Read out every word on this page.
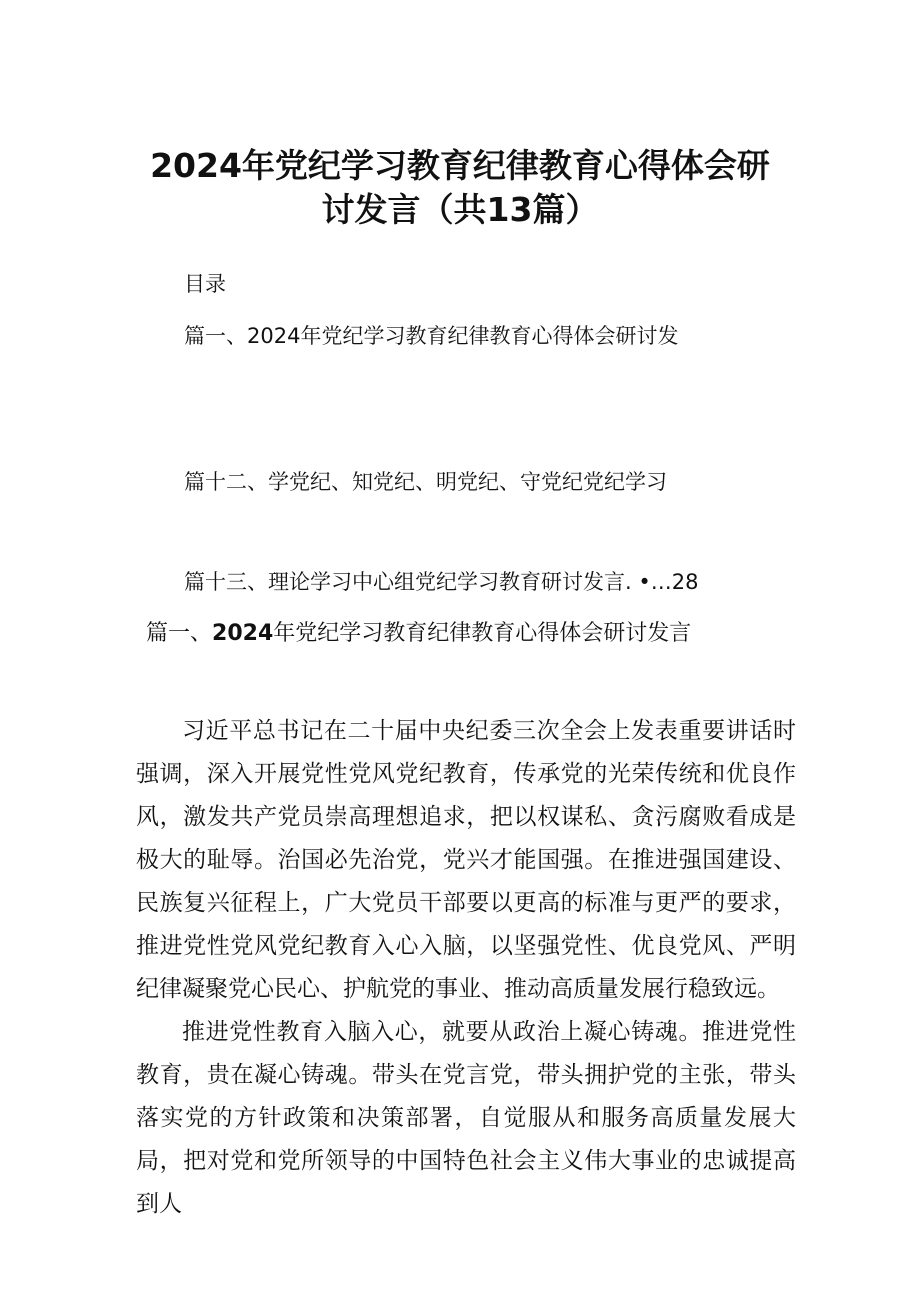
2024年党纪学习教育纪律教育心得体会研
讨发言（共13篇）
目录
篇一、2024年党纪学习教育纪律教育心得体会研讨发
篇十二、学党纪、知党纪、明党纪、守党纪党纪学习
篇十三、理论学习中心组党纪学习教育研讨发言. •…28
篇一、2024年党纪学习教育纪律教育心得体会研讨发言

习近平总书记在二十届中央纪委三次全会上发表重要讲话时强调，深入开展党性党风党纪教育，传承党的光荣传统和优良作风，激发共产党员崇高理想追求，把以权谋私、贪污腐败看成是极大的耻辱。治国必先治党，党兴才能国强。在推进强国建设、民族复兴征程上，广大党员干部要以更高的标准与更严的要求，推进党性党风党纪教育入心入脑，以坚强党性、优良党风、严明纪律凝聚党心民心、护航党的事业、推动高质量发展行稳致远。

推进党性教育入脑入心，就要从政治上凝心铸魂。推进党性教育，贵在凝心铸魂。带头在党言党，带头拥护党的主张，带头落实党的方针政策和决策部署，自觉服从和服务高质量发展大局，把对党和党所领导的中国特色社会主义伟大事业的忠诚提高到人
